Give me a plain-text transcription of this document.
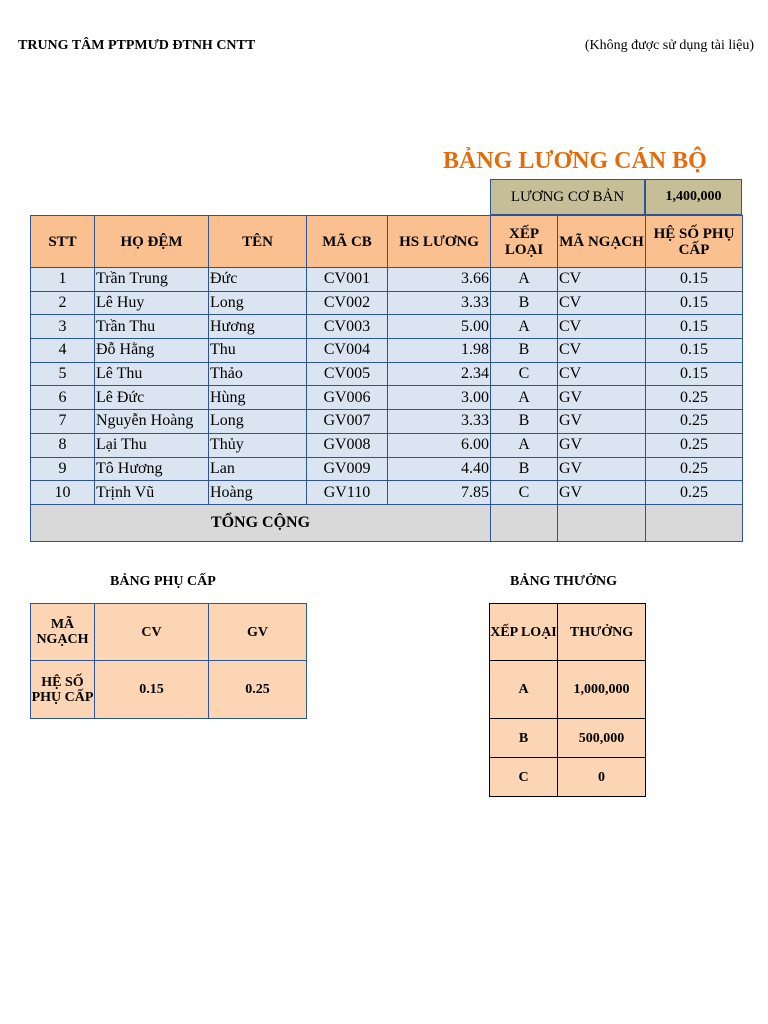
TRUNG TÂM PTPMƯD ĐTNH CNTT	(Không được sử dụng tài liệu)
BẢNG LƯƠNG CÁN BỘ
LƯƠNG CƠ BẢN	1,400,000
STT	HỌ ĐỆM	TÊN	MÃ CB	HS LƯƠNG	XẾP LOẠI	MÃ NGẠCH	HỆ SỐ PHỤ CẤP
1	Trần Trung	Đức	CV001	3.66	A	CV	0.15
2	Lê Huy	Long	CV002	3.33	B	CV	0.15
3	Trần Thu	Hương	CV003	5.00	A	CV	0.15
4	Đỗ Hằng	Thu	CV004	1.98	B	CV	0.15
5	Lê Thu	Thảo	CV005	2.34	C	CV	0.15
6	Lê Đức	Hùng	GV006	3.00	A	GV	0.25
7	Nguyễn Hoàng	Long	GV007	3.33	B	GV	0.25
8	Lại Thu	Thủy	GV008	6.00	A	GV	0.25
9	Tô Hương	Lan	GV009	4.40	B	GV	0.25
10	Trịnh Vũ	Hoàng	GV110	7.85	C	GV	0.25
TỔNG CỘNG							
BẢNG PHỤ CẤP	BẢNG THƯỞNG
MÃ NGẠCH	CV	GV
HỆ SỐ PHỤ CẤP	0.15	0.25
XẾP LOẠI	THƯỞNG
A	1,000,000
B	500,000
C	0
